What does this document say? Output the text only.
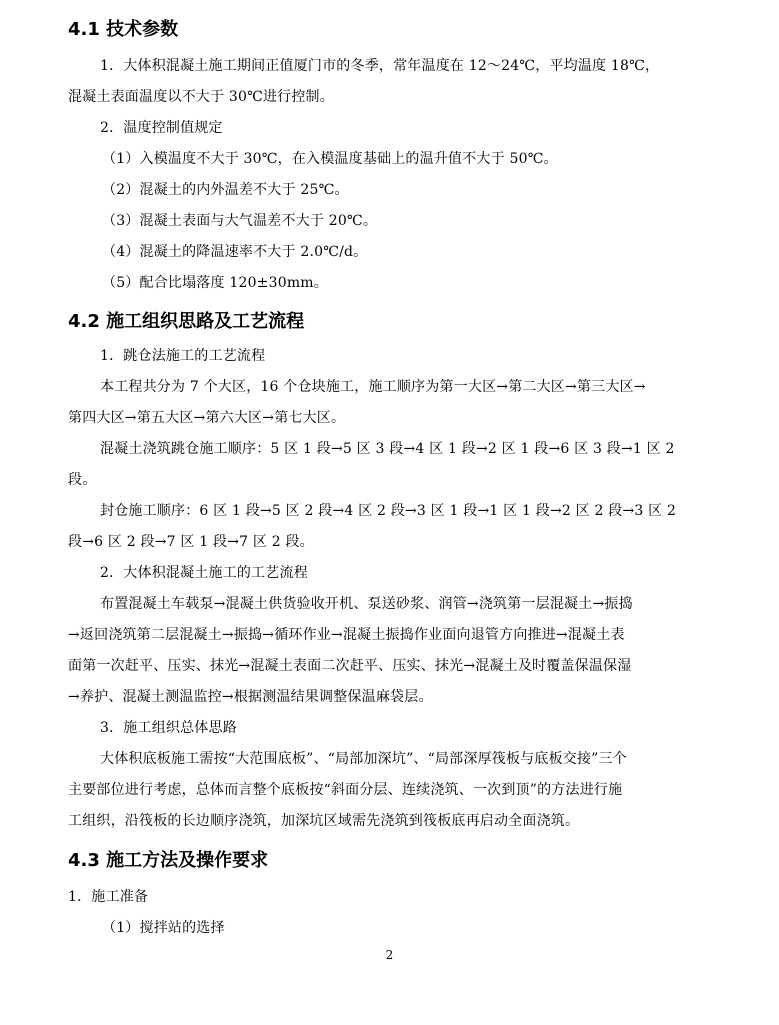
4.1 技术参数
1．大体积混凝土施工期间正值厦门市的冬季，常年温度在 12～24℃，平均温度 18℃，
混凝土表面温度以不大于 30℃进行控制。
2．温度控制值规定
（1）入模温度不大于 30℃，在入模温度基础上的温升值不大于 50℃。
（2）混凝土的内外温差不大于 25℃。
（3）混凝土表面与大气温差不大于 20℃。
（4）混凝土的降温速率不大于 2.0℃/d。
（5）配合比塌落度 120±30mm。
4.2 施工组织思路及工艺流程
1．跳仓法施工的工艺流程
本工程共分为 7 个大区，16 个仓块施工，施工顺序为第一大区→第二大区→第三大区→
第四大区→第五大区→第六大区→第七大区。
混凝土浇筑跳仓施工顺序：5 区 1 段→5 区 3 段→4 区 1 段→2 区 1 段→6 区 3 段→1 区 2
段。
封仓施工顺序：6 区 1 段→5 区 2 段→4 区 2 段→3 区 1 段→1 区 1 段→2 区 2 段→3 区 2
段→6 区 2 段→7 区 1 段→7 区 2 段。
2．大体积混凝土施工的工艺流程
布置混凝土车载泵→混凝土供货验收开机、泵送砂浆、润管→浇筑第一层混凝土→振捣
→返回浇筑第二层混凝土→振捣→循环作业→混凝土振捣作业面向退管方向推进→混凝土表
面第一次赶平、压实、抹光→混凝土表面二次赶平、压实、抹光→混凝土及时覆盖保温保湿
→养护、混凝土测温监控→根据测温结果调整保温麻袋层。
3．施工组织总体思路
大体积底板施工需按“大范围底板”、“局部加深坑”、“局部深厚筏板与底板交接”三个
主要部位进行考虑，总体而言整个底板按“斜面分层、连续浇筑、一次到顶”的方法进行施
工组织，沿筏板的长边顺序浇筑，加深坑区域需先浇筑到筏板底再启动全面浇筑。
4.3 施工方法及操作要求
1．施工准备
（1）搅拌站的选择
2
